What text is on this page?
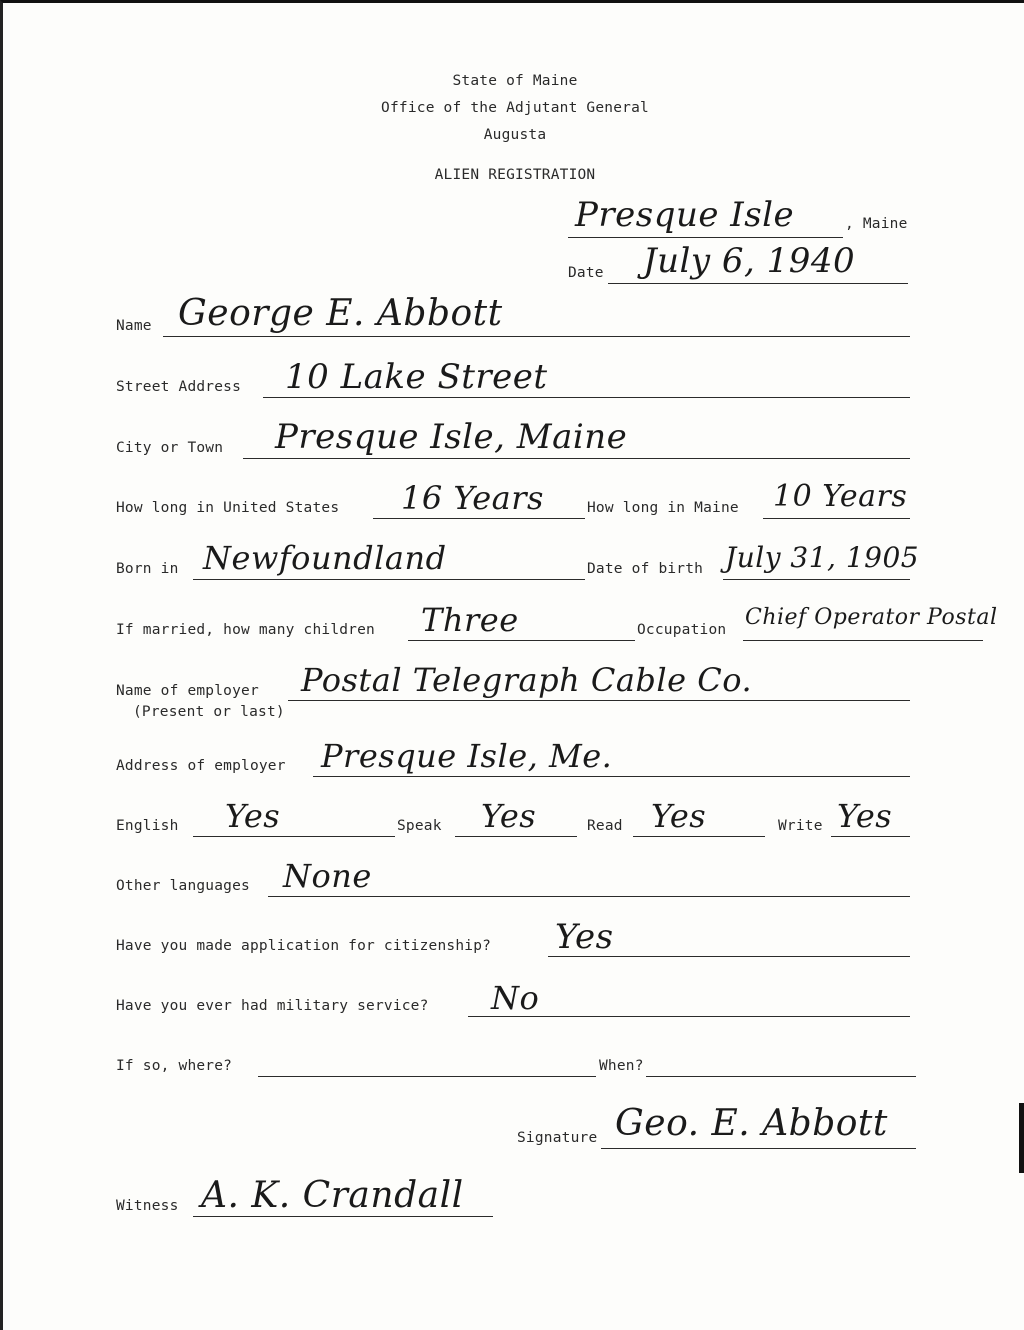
State of Maine
Office of the Adjutant General
Augusta
ALIEN REGISTRATION
Presque Isle	, Maine
Date July 6, 1940
Name George E. Abbott
Street Address 10 Lake Street
City or Town Presque Isle, Maine
How long in United States 16 Years	How long in Maine 10 Years
Born in Newfoundland	Date of birth July 31, 1905
If married, how many children Three	Occupation Chief Operator Postal
Name of employer
(Present or last)
Postal Telegraph Cable Co.
Address of employer Presque Isle, Me.
English Yes	Speak Yes	Read Yes	Write Yes
Other languages None
Have you made application for citizenship? Yes
Have you ever had military service? No
If so, where?	When?
Signature Geo. E. Abbott
Witness A. K. Crandall
